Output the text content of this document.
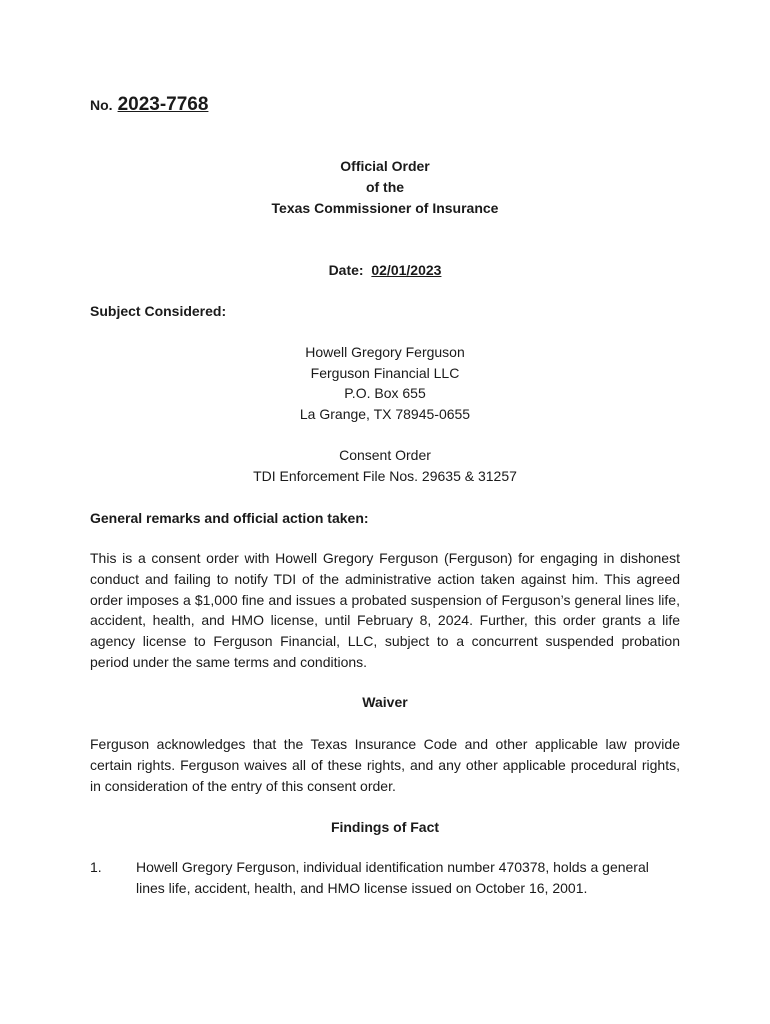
No. 2023-7768
Official Order
of the
Texas Commissioner of Insurance
Date: 02/01/2023
Subject Considered:
Howell Gregory Ferguson
Ferguson Financial LLC
P.O. Box 655
La Grange, TX 78945-0655
Consent Order
TDI Enforcement File Nos. 29635 & 31257
General remarks and official action taken:
This is a consent order with Howell Gregory Ferguson (Ferguson) for engaging in dishonest conduct and failing to notify TDI of the administrative action taken against him. This agreed order imposes a $1,000 fine and issues a probated suspension of Ferguson’s general lines life, accident, health, and HMO license, until February 8, 2024. Further, this order grants a life agency license to Ferguson Financial, LLC, subject to a concurrent suspended probation period under the same terms and conditions.
Waiver
Ferguson acknowledges that the Texas Insurance Code and other applicable law provide certain rights. Ferguson waives all of these rights, and any other applicable procedural rights, in consideration of the entry of this consent order.
Findings of Fact
1. Howell Gregory Ferguson, individual identification number 470378, holds a general lines life, accident, health, and HMO license issued on October 16, 2001.
